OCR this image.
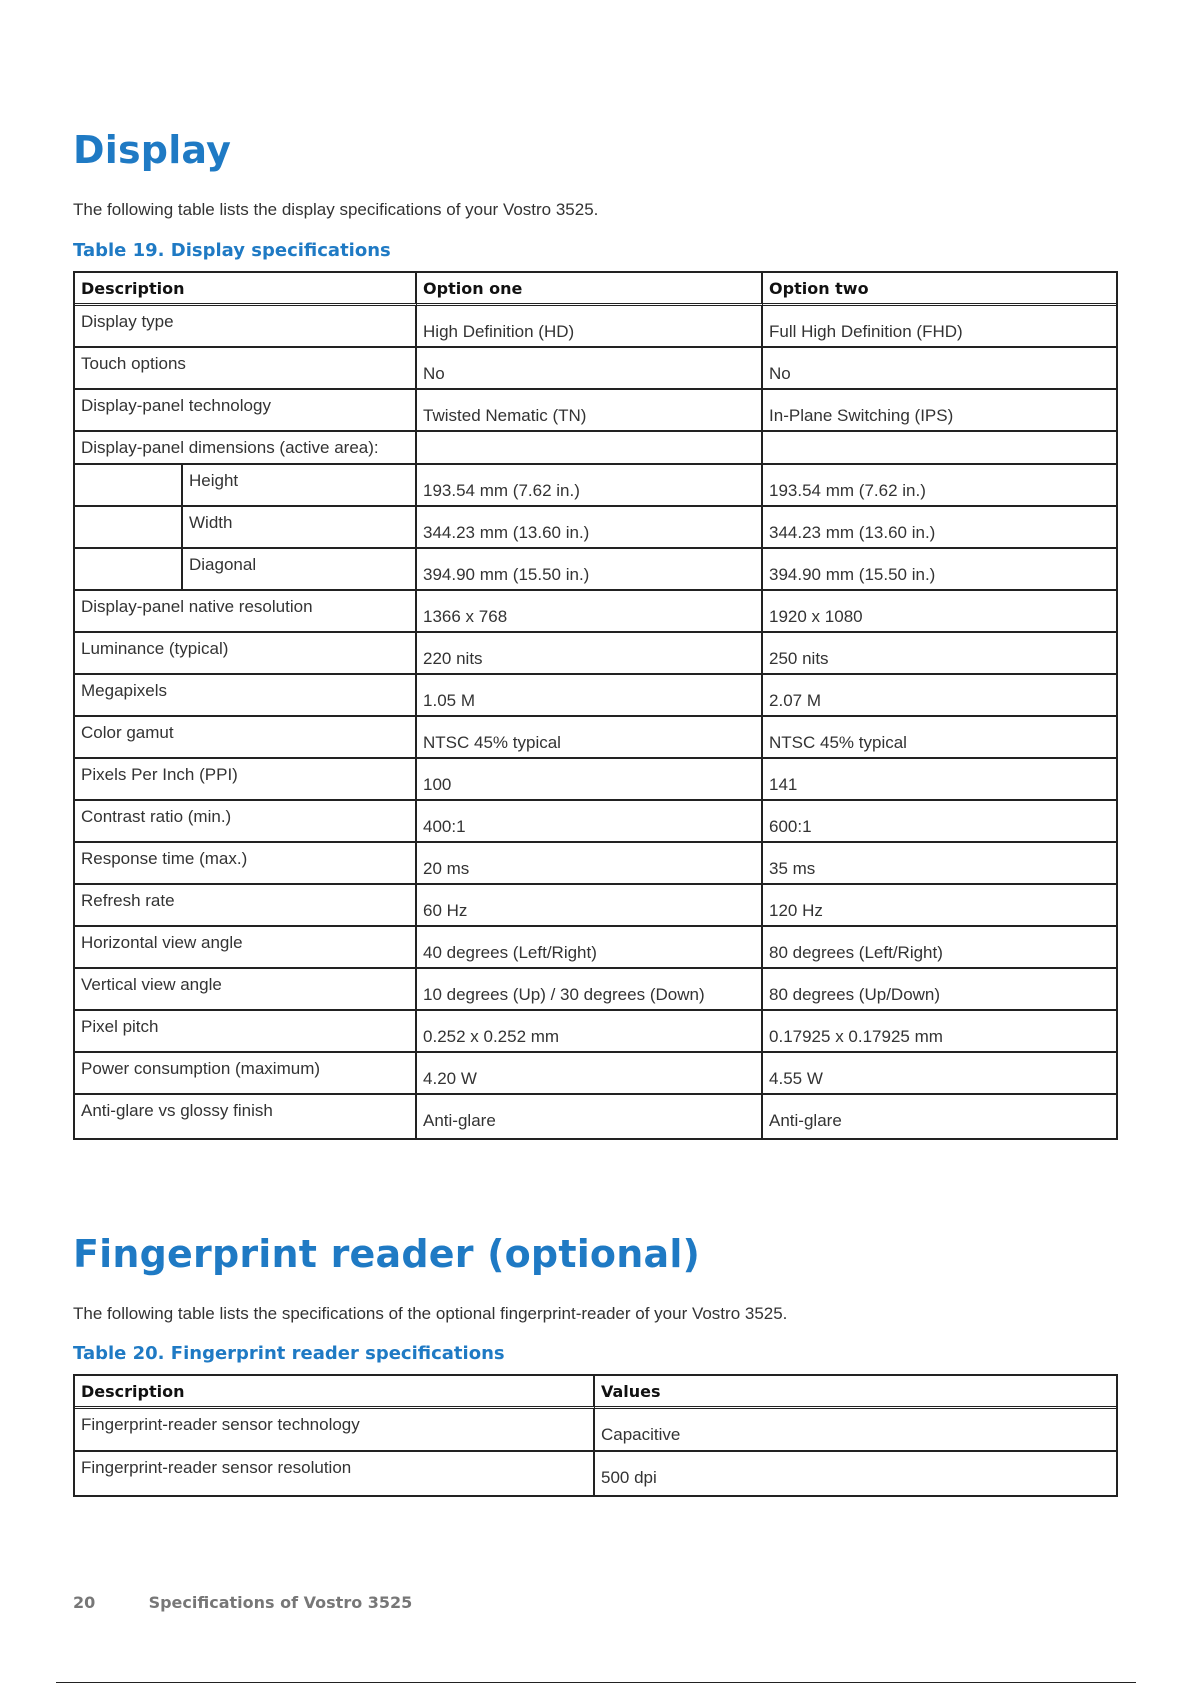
Display

The following table lists the display specifications of your Vostro 3525.

Table 19. Display specifications

Description		Option one	Option two

Display type		High Definition (HD)	Full High Definition (FHD)

Touch options		No	No

Display-panel technology		Twisted Nematic (TN)	In-Plane Switching (IPS)

Display-panel dimensions (active area):			

	Height	193.54 mm (7.62 in.)	193.54 mm (7.62 in.)

	Width	344.23 mm (13.60 in.)	344.23 mm (13.60 in.)

	Diagonal	394.90 mm (15.50 in.)	394.90 mm (15.50 in.)

Display-panel native resolution		1366 x 768	1920 x 1080

Luminance (typical)		220 nits	250 nits

Megapixels		1.05 M	2.07 M

Color gamut		NTSC 45% typical	NTSC 45% typical

Pixels Per Inch (PPI)		100	141

Contrast ratio (min.)		400:1	600:1

Response time (max.)		20 ms	35 ms

Refresh rate		60 Hz	120 Hz

Horizontal view angle		40 degrees (Left/Right)	80 degrees (Left/Right)

Vertical view angle		10 degrees (Up) / 30 degrees (Down)	80 degrees (Up/Down)

Pixel pitch		0.252 x 0.252 mm	0.17925 x 0.17925 mm

Power consumption (maximum)		4.20 W	4.55 W

Anti-glare vs glossy finish		Anti-glare	Anti-glare
Fingerprint reader (optional)

The following table lists the specifications of the optional fingerprint-reader of your Vostro 3525.

Table 20. Fingerprint reader specifications

Description	Values

Fingerprint-reader sensor technology	Capacitive

Fingerprint-reader sensor resolution	500 dpi
20	Specifications of Vostro 3525
